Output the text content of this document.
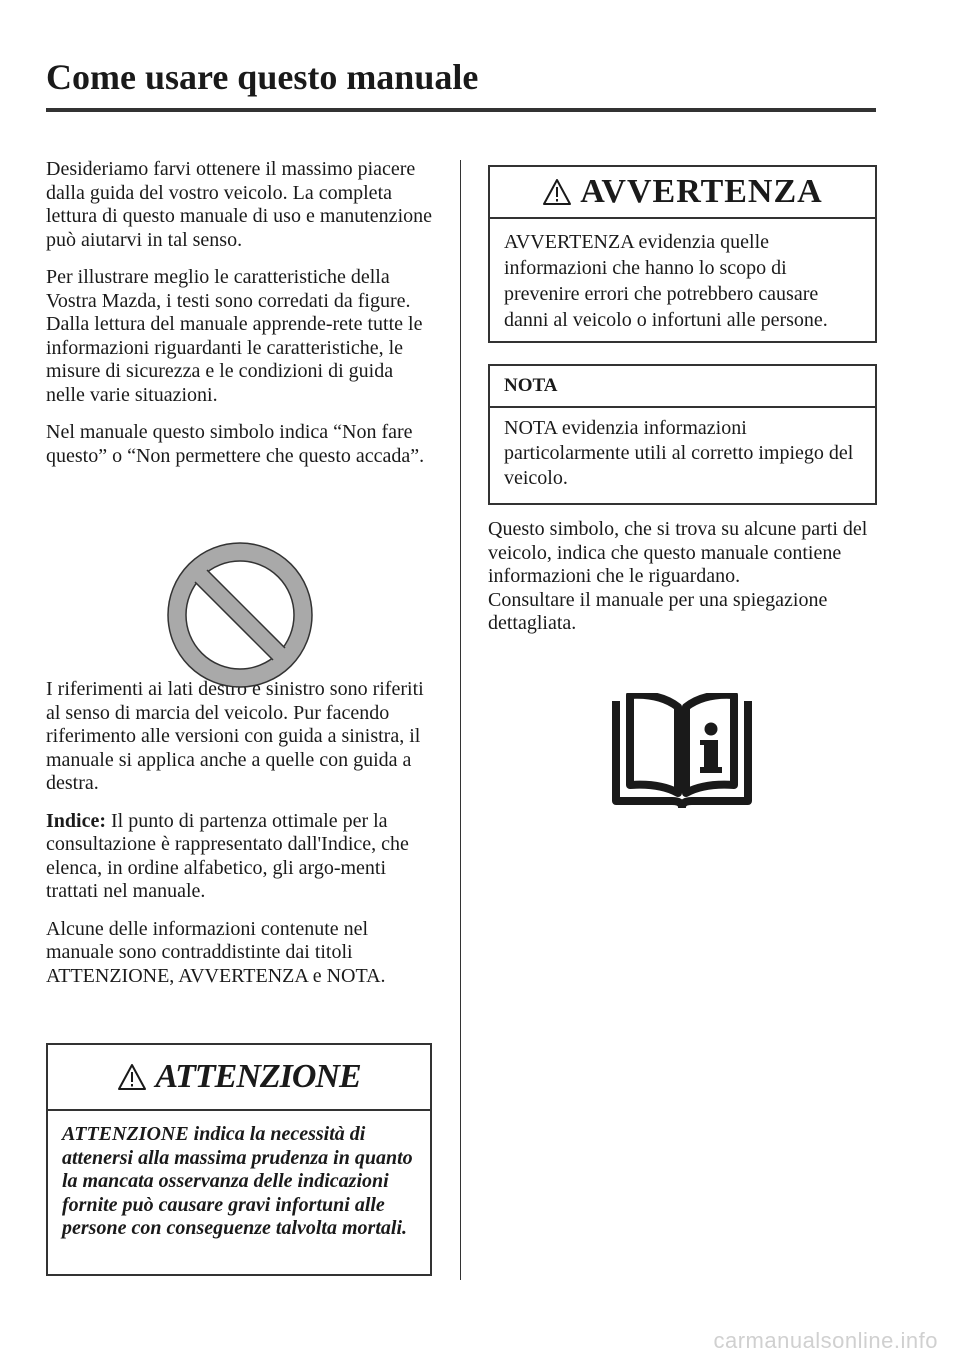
Come usare questo manuale

Desideriamo farvi ottenere il massimo piacere dalla guida del vostro veicolo. La completa lettura di questo manuale di uso e manutenzione può aiutarvi in tal senso.

Per illustrare meglio le caratteristiche della Vostra Mazda, i testi sono corredati da figure. Dalla lettura del manuale apprende-rete tutte le informazioni riguardanti le caratteristiche, le misure di sicurezza e le condizioni di guida nelle varie situazioni.

Nel manuale questo simbolo indica “Non fare questo” o “Non permettere che questo accada”.

I riferimenti ai lati destro e sinistro sono riferiti al senso di marcia del veicolo. Pur facendo riferimento alle versioni con guida a sinistra, il manuale si applica anche a quelle con guida a destra.

Indice: Il punto di partenza ottimale per la consultazione è rappresentato dall'Indice, che elenca, in ordine alfabetico, gli argo-menti trattati nel manuale.

Alcune delle informazioni contenute nel manuale sono contraddistinte dai titoli ATTENZIONE, AVVERTENZA e NOTA.

ATTENZIONE
ATTENZIONE indica la necessità di attenersi alla massima prudenza in quanto la mancata osservanza delle indicazioni fornite può causare gravi infortuni alle persone con conseguenze talvolta mortali.
AVVERTENZA
AVVERTENZA evidenzia quelle informazioni che hanno lo scopo di prevenire errori che potrebbero causare danni al veicolo o infortuni alle persone.
NOTA
NOTA evidenzia informazioni particolarmente utili al corretto impiego del veicolo.

Questo simbolo, che si trova su alcune parti del veicolo, indica che questo manuale contiene informazioni che le riguardano.

Consultare il manuale per una spiegazione dettagliata.

carmanualsonline.info
